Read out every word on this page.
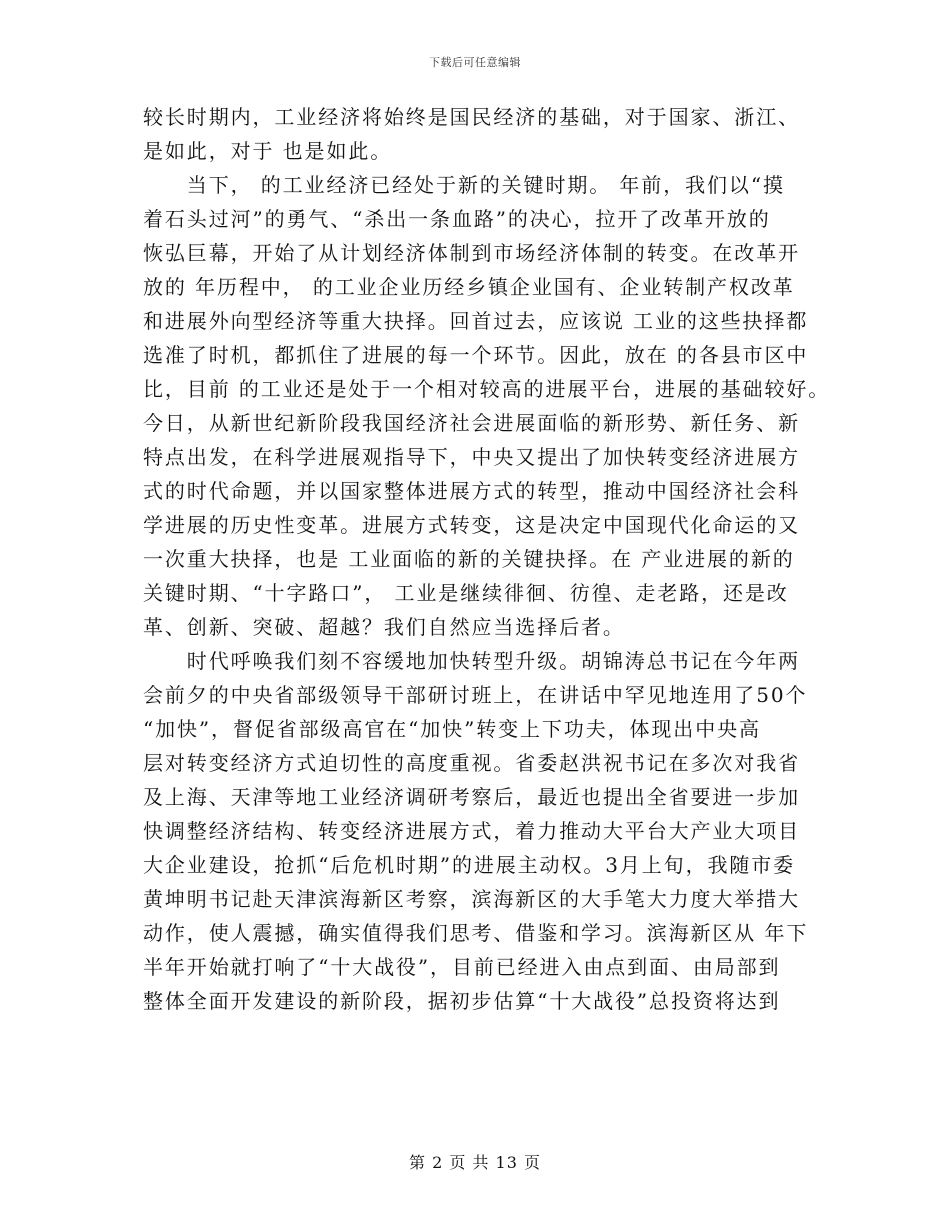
下载后可任意编辑
较长时期内，工业经济将始终是国民经济的基础，对于国家、浙江、
是如此，对于 也是如此。
　　当下， 的工业经济已经处于新的关键时期。 年前，我们以“摸
着石头过河”的勇气、“杀出一条血路”的决心，拉开了改革开放的
恢弘巨幕，开始了从计划经济体制到市场经济体制的转变。在改革开
放的 年历程中， 的工业企业历经乡镇企业国有、企业转制产权改革
和进展外向型经济等重大抉择。回首过去，应该说 工业的这些抉择都
选准了时机，都抓住了进展的每一个环节。因此，放在 的各县市区中
比，目前 的工业还是处于一个相对较高的进展平台，进展的基础较好。
今日，从新世纪新阶段我国经济社会进展面临的新形势、新任务、新
特点出发，在科学进展观指导下，中央又提出了加快转变经济进展方
式的时代命题，并以国家整体进展方式的转型，推动中国经济社会科
学进展的历史性变革。进展方式转变，这是决定中国现代化命运的又
一次重大抉择，也是 工业面临的新的关键抉择。在 产业进展的新的
关键时期、“十字路口”， 工业是继续徘徊、彷徨、走老路，还是改
革、创新、突破、超越？我们自然应当选择后者。
　　时代呼唤我们刻不容缓地加快转型升级。胡锦涛总书记在今年两
会前夕的中央省部级领导干部研讨班上，在讲话中罕见地连用了50个
“加快”，督促省部级高官在“加快”转变上下功夫，体现出中央高
层对转变经济方式迫切性的高度重视。省委赵洪祝书记在多次对我省
及上海、天津等地工业经济调研考察后，最近也提出全省要进一步加
快调整经济结构、转变经济进展方式，着力推动大平台大产业大项目
大企业建设，抢抓“后危机时期”的进展主动权。3月上旬，我随市委
黄坤明书记赴天津滨海新区考察，滨海新区的大手笔大力度大举措大
动作，使人震撼，确实值得我们思考、借鉴和学习。滨海新区从 年下
半年开始就打响了“十大战役”，目前已经进入由点到面、由局部到
整体全面开发建设的新阶段，据初步估算“十大战役”总投资将达到
第 2 页 共 13 页
